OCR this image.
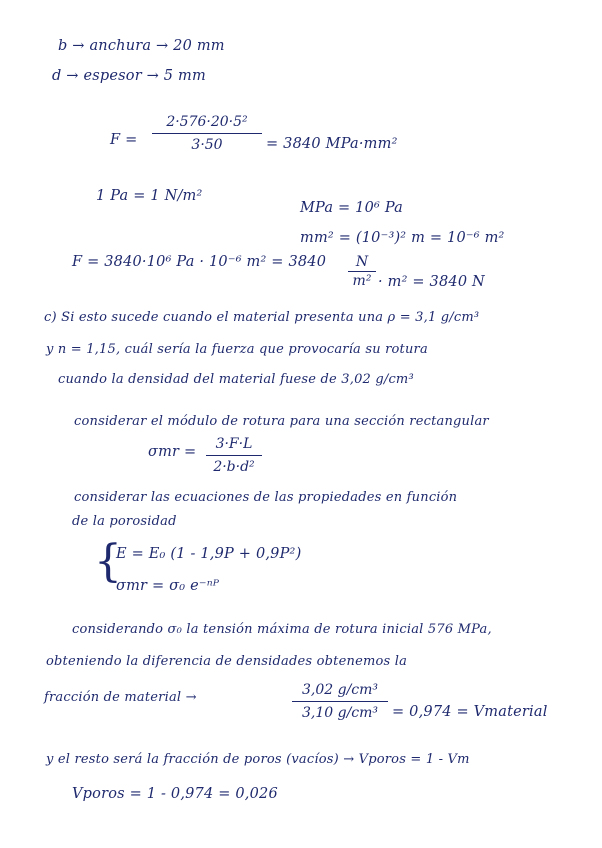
b → anchura → 20 mm
d → espesor → 5 mm
$F = \frac{\text{2·576·20·5²}}{3\cdot 50} = 3840$ MPa·mm²
1 Pa = 1 N/m²
MPa = 10⁶ Pa
mm² = (10⁻³)² m = 10⁻⁶ m²
F = 3840·10⁶ Pa · 10⁻⁶ $m^2 = 3840 \frac{N}{\text{m²}} \cdot m^2 = 3840$ N
c) Si esto sucede cuando el material presenta una ρ = 3,1 g/cm³
y n = 1,15, cuál sería la fuerza que provocaría su rotura
cuando la densidad del material fuese de 3,02 g/cm³
considerar el módulo de rotura para una sección rectangular
$\sigma mr = \frac{3\cdot F\cdot L}{\text{2·b·d²}}$
considerar las ecuaciones de las propiedades en función
de la porosidad
{
E = E₀ (1 - 1,9P + 0,9P²)
σmr = σ₀ e⁻ⁿᴾ
considerando σ₀ la tensión máxima de rotura inicial 576 MPa,
obteniendo la diferencia de densidades obtenemos la
fracción de material →	$\frac{\text{3,02 g/cm³}}{\text{3,10 g/cm³}} = 0,974$ = Vmaterial
y el resto será la fracción de poros (vacíos) → Vporos = 1 - Vm
Vporos = 1 - 0,974 = 0,026
